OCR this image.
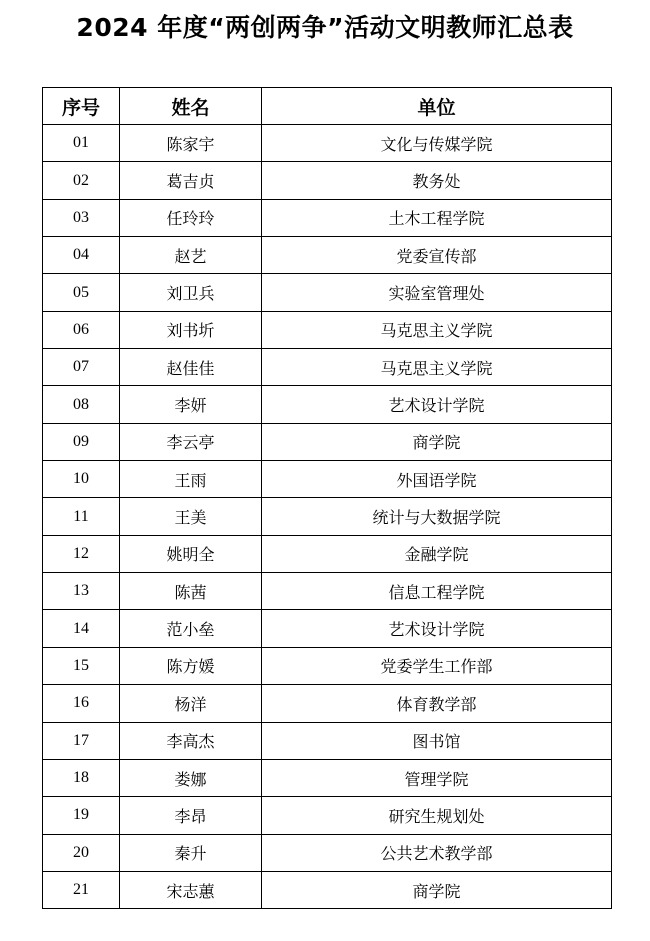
2024 年度“两创两争”活动文明教师汇总表
序号	姓名	单位
01	陈家宇	文化与传媒学院
02	葛吉贞	教务处
03	任玲玲	土木工程学院
04	赵艺	党委宣传部
05	刘卫兵	实验室管理处
06	刘书圻	马克思主义学院
07	赵佳佳	马克思主义学院
08	李妍	艺术设计学院
09	李云亭	商学院
10	王雨	外国语学院
11	王美	统计与大数据学院
12	姚明全	金融学院
13	陈茜	信息工程学院
14	范小垒	艺术设计学院
15	陈方媛	党委学生工作部
16	杨洋	体育教学部
17	李高杰	图书馆
18	娄娜	管理学院
19	李昂	研究生规划处
20	秦升	公共艺术教学部
21	宋志蕙	商学院
